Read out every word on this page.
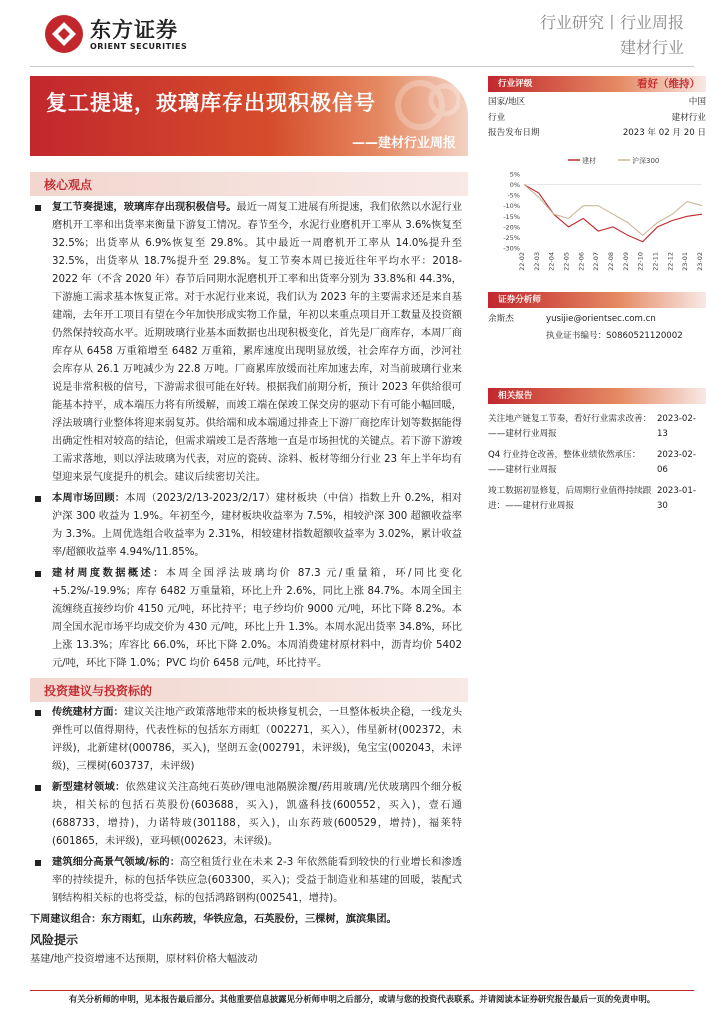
东方证券
ORIENT SECURITIES
行业研究丨行业周报
建材行业
复工提速，玻璃库存出现积极信号
——建材行业周报
核心观点
复工节奏提速，玻璃库存出现积极信号。最近一周复工进展有所提速，我们依然以水泥行业磨机开工率和出货率来衡量下游复工情况。春节至今，水泥行业磨机开工率从 3.6%恢复至 32.5%；出货率从 6.9%恢复至 29.8%。其中最近一周磨机开工率从 14.0%提升至 32.5%，出货率从 18.7%提升至 29.8%。复工节奏本周已接近往年平均水平：2018-2022 年（不含 2020 年）春节后同期水泥磨机开工率和出货率分别为 33.8%和 44.3%，下游施工需求基本恢复正常。对于水泥行业来说，我们认为 2023 年的主要需求还是来自基建端，去年开工项目有望在今年加快形成实物工作量，年初以来重点项目开工数量及投资额仍然保持较高水平。近期玻璃行业基本面数据也出现积极变化，首先是厂商库存，本周厂商库存从 6458 万重箱增至 6482 万重箱，累库速度出现明显放缓，社会库存方面，沙河社会库存从 26.1 万吨减少为 22.8 万吨。厂商累库放缓而社库加速去库，对当前玻璃行业来说是非常积极的信号，下游需求很可能在好转。根据我们前期分析，预计 2023 年供给很可能基本持平，成本端压力将有所缓解，而竣工端在保竣工保交房的驱动下有可能小幅回暖，浮法玻璃行业整体将迎来弱复苏。供给端和成本端通过排查上下游厂商挖库计划等数据能得出确定性相对较高的结论，但需求端竣工是否落地一直是市场担忧的关键点。若下游下游竣工需求落地，则以浮法玻璃为代表，对应的瓷砖、涂料、板材等细分行业 23 年上半年均有望迎来景气度提升的机会。建议后续密切关注。
本周市场回顾：本周（2023/2/13-2023/2/17）建材板块（中信）指数上升 0.2%，相对沪深 300 收益为 1.9%。年初至今，建材板块收益率为 7.5%，相较沪深 300 超额收益率为 3.3%。上周优选组合收益率为 2.31%，相较建材指数超额收益率为 3.02%，累计收益率/超额收益率 4.94%/11.85%。
建材周度数据概述：本周全国浮法玻璃均价 87.3 元/重量箱，环/同比变化+5.2%/-19.9%；库存 6482 万重量箱，环比上升 2.6%，同比上涨 84.7%。本周全国主流缠绕直接纱均价 4150 元/吨，环比持平；电子纱均价 9000 元/吨，环比下降 8.2%。本周全国水泥市场平均成交价为 430 元/吨，环比上升 1.3%。本周水泥出货率 34.8%，环比上涨 13.3%；库容比 66.0%，环比下降 2.0%。本周消费建材原材料中，沥青均价 5402 元/吨，环比下降 1.0%；PVC 均价 6458 元/吨，环比持平。
投资建议与投资标的
传统建材方面：建议关注地产政策落地带来的板块修复机会，一旦整体板块企稳，一线龙头弹性可以值得期待，代表性标的包括东方雨虹（002271，买入），伟星新材(002372，未评级)，北新建材(000786，买入)，坚朗五金(002791，未评级)，兔宝宝(002043，未评级)，三棵树(603737，未评级)
新型建材领域：依然建议关注高纯石英砂/锂电池隔膜涂覆/药用玻璃/光伏玻璃四个细分板块，相关标的包括石英股份(603688，买入)，凯盛科技(600552，买入)，壹石通(688733，增持)，力诺特玻(301188，买入)，山东药玻(600529，增持)，福莱特(601865，未评级)，亚玛顿(002623，未评级)。
建筑细分高景气领域/标的：高空租赁行业在未来 2-3 年依然能看到较快的行业增长和渗透率的持续提升，标的包括华铁应急(603300，买入)；受益于制造业和基建的回暖，装配式钢结构相关标的也将受益，标的包括鸿路钢构(002541，增持)。
下周建议组合：东方雨虹，山东药玻，华铁应急，石英股份，三棵树，旗滨集团。
风险提示
基建/地产投资增速不达预期，原材料价格大幅波动
行业评级	看好（维持）
国家/地区	中国
行业	建材行业
报告发布日期	2023 年 02 月 20 日
建材	沪深300
5%
0%
-5%
-10%
-15%
-20%
-25%
-30%
22-02 22-03 22-04 22-05 22-06 22-07 22-08 22-09 22-10 22-11 22-12 23-01 23-02
证券分析师
余斯杰	yusijie@orientsec.com.cn
执业证书编号：S0860521120002
相关报告
关注地产链复工节奏，看好行业需求改善：——建材行业周报
2023-02-13
Q4 行业持仓改善，整体业绩依然承压：——建材行业周报
2023-02-06
竣工数据初显修复，后周期行业值得持续跟进：——建材行业周报
2023-01-30
有关分析师的申明，见本报告最后部分。其他重要信息披露见分析师申明之后部分，或请与您的投资代表联系。并请阅读本证券研究报告最后一页的免责申明。
